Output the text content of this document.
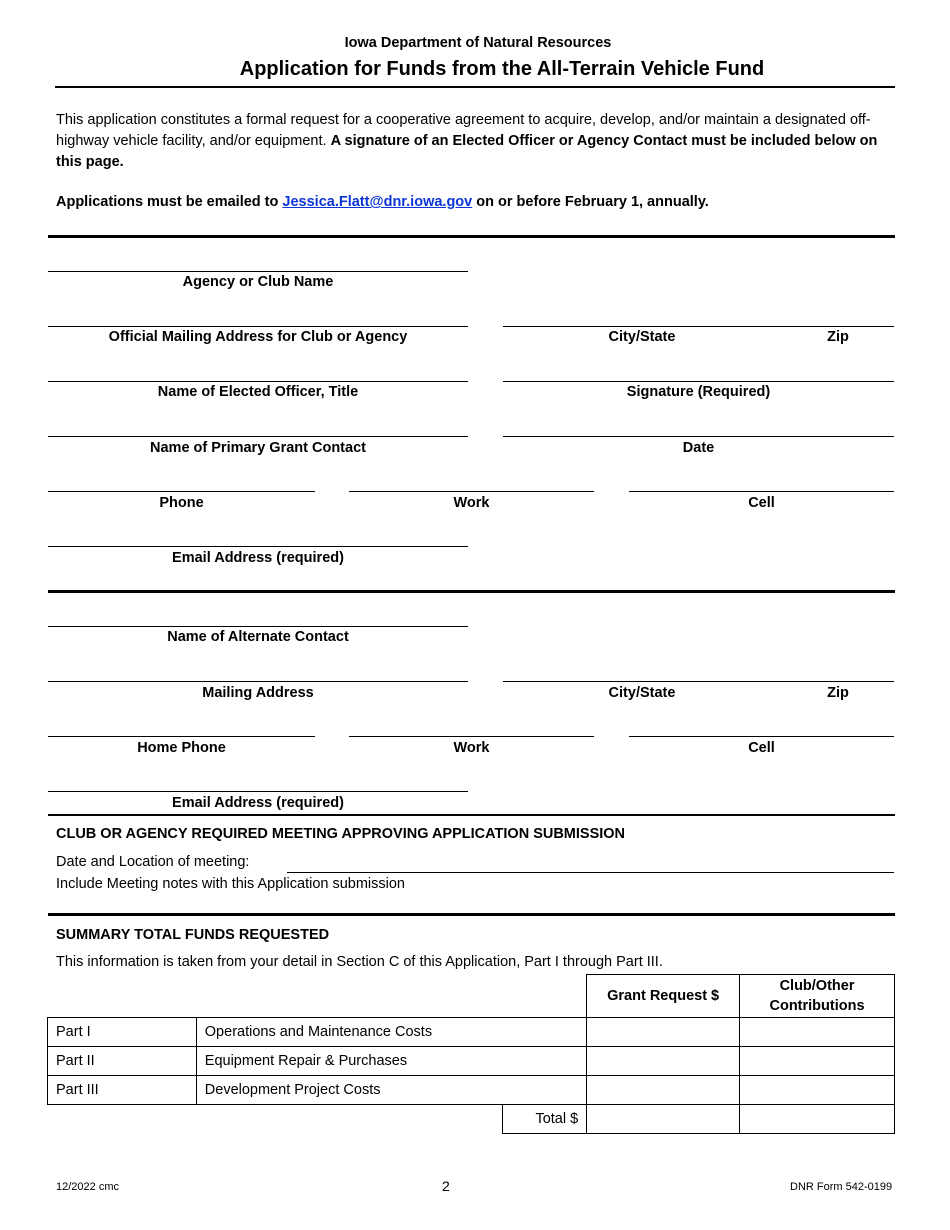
Iowa Department of Natural Resources
Application for Funds from the All-Terrain Vehicle Fund
This application constitutes a formal request for a cooperative agreement to acquire, develop, and/or maintain a designated off-highway vehicle facility, and/or equipment. A signature of an Elected Officer or Agency Contact must be included below on this page.
Applications must be emailed to Jessica.Flatt@dnr.iowa.gov on or before February 1, annually.
Agency or Club Name
Official Mailing Address for Club or Agency	City/State	Zip
Name of Elected Officer, Title	Signature (Required)
Name of Primary Grant Contact	Date
Phone	Work	Cell
Email Address (required)
Name of Alternate Contact
Mailing Address	City/State	Zip
Home Phone	Work	Cell
Email Address (required)
CLUB OR AGENCY REQUIRED MEETING APPROVING APPLICATION SUBMISSION
Date and Location of meeting:
Include Meeting notes with this Application submission
SUMMARY TOTAL FUNDS REQUESTED
This information is taken from your detail in Section C of this Application, Part I through Part III.
			Grant Request $	Club/Other Contributions
Part I	Operations and Maintenance Costs			
Part II	Equipment Repair & Purchases			
Part III	Development Project Costs			
		Total $		
12/2022 cmc	2	DNR Form 542-0199
